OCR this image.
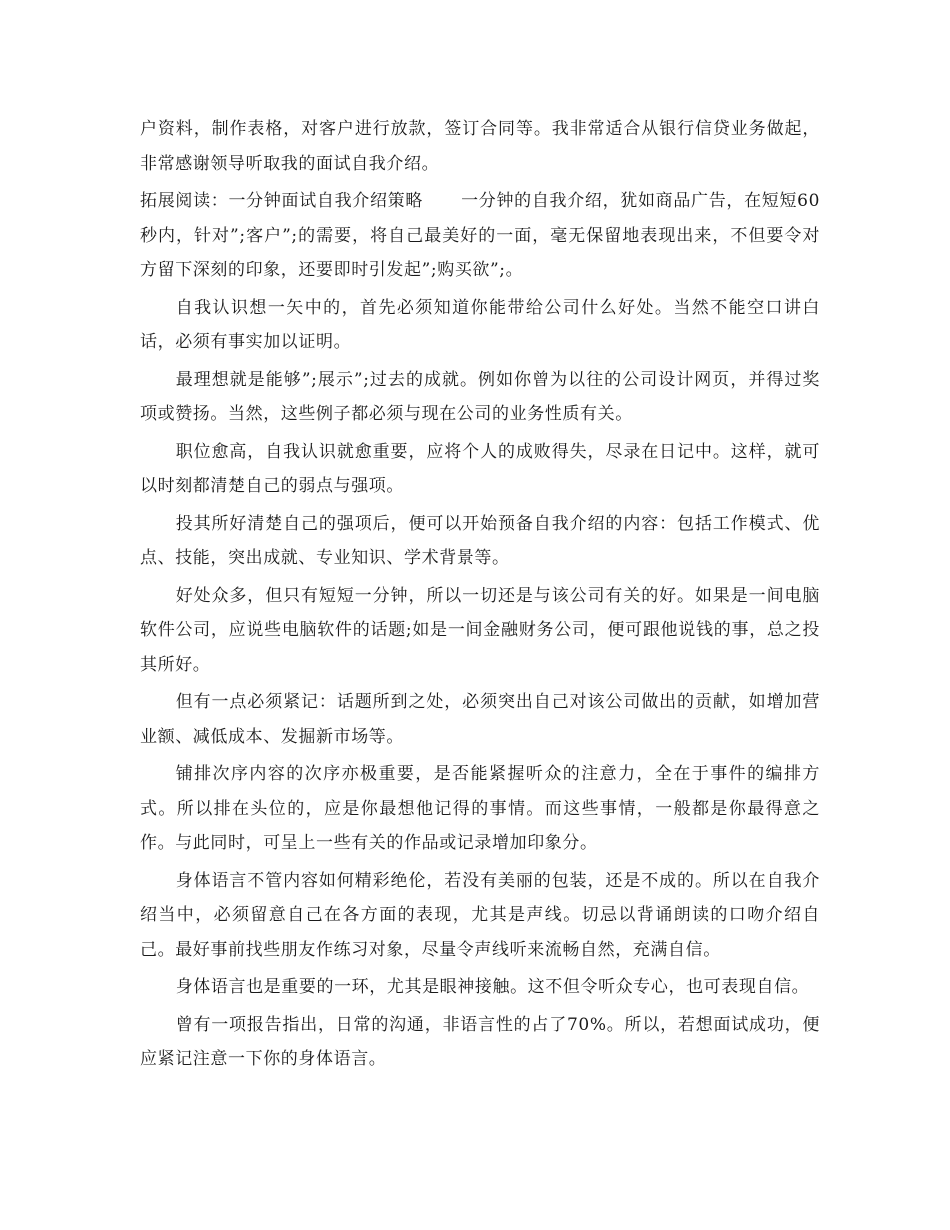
户资料，制作表格，对客户进行放款，签订合同等。我非常适合从银行信贷业务做起，非常感谢领导听取我的面试自我介绍。

拓展阅读：一分钟面试自我介绍策略 一分钟的自我介绍，犹如商品广告，在短短60秒内，针对”;客户”;的需要，将自己最美好的一面，毫无保留地表现出来，不但要令对方留下深刻的印象，还要即时引发起”;购买欲”;。

自我认识想一矢中的，首先必须知道你能带给公司什么好处。当然不能空口讲白话，必须有事实加以证明。

最理想就是能够”;展示”;过去的成就。例如你曾为以往的公司设计网页，并得过奖项或赞扬。当然，这些例子都必须与现在公司的业务性质有关。

职位愈高，自我认识就愈重要，应将个人的成败得失，尽录在日记中。这样，就可以时刻都清楚自己的弱点与强项。

投其所好清楚自己的强项后，便可以开始预备自我介绍的内容：包括工作模式、优点、技能，突出成就、专业知识、学术背景等。

好处众多，但只有短短一分钟，所以一切还是与该公司有关的好。如果是一间电脑软件公司，应说些电脑软件的话题;如是一间金融财务公司，便可跟他说钱的事，总之投其所好。

但有一点必须紧记：话题所到之处，必须突出自己对该公司做出的贡献，如增加营业额、减低成本、发掘新市场等。

铺排次序内容的次序亦极重要，是否能紧握听众的注意力，全在于事件的编排方式。所以排在头位的，应是你最想他记得的事情。而这些事情，一般都是你最得意之作。与此同时，可呈上一些有关的作品或记录增加印象分。

身体语言不管内容如何精彩绝伦，若没有美丽的包装，还是不成的。所以在自我介绍当中，必须留意自己在各方面的表现，尤其是声线。切忌以背诵朗读的口吻介绍自己。最好事前找些朋友作练习对象，尽量令声线听来流畅自然，充满自信。

身体语言也是重要的一环，尤其是眼神接触。这不但令听众专心，也可表现自信。

曾有一项报告指出，日常的沟通，非语言性的占了70%。所以，若想面试成功，便应紧记注意一下你的身体语言。
